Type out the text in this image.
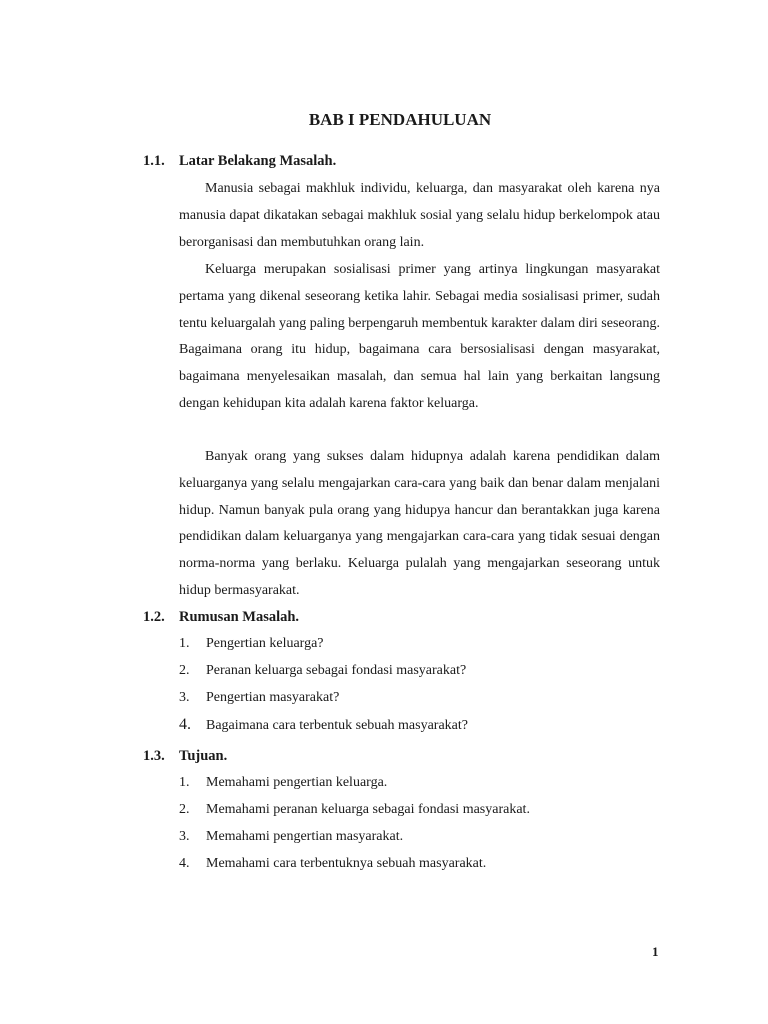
BAB I PENDAHULUAN
1.1. Latar Belakang Masalah.
Manusia sebagai makhluk individu, keluarga, dan masyarakat oleh karena nya manusia dapat dikatakan sebagai makhluk sosial yang selalu hidup berkelompok atau berorganisasi dan membutuhkan orang lain.
Keluarga merupakan sosialisasi primer yang artinya lingkungan masyarakat pertama yang dikenal seseorang ketika lahir. Sebagai media sosialisasi primer, sudah tentu keluargalah yang paling berpengaruh membentuk karakter dalam diri seseorang. Bagaimana orang itu hidup, bagaimana cara bersosialisasi dengan masyarakat, bagaimana menyelesaikan masalah, dan semua hal lain yang berkaitan langsung dengan kehidupan kita adalah karena faktor keluarga.
Banyak orang yang sukses dalam hidupnya adalah karena pendidikan dalam keluarganya yang selalu mengajarkan cara-cara yang baik dan benar dalam menjalani hidup. Namun banyak pula orang yang hidupya hancur dan berantakkan juga karena pendidikan dalam keluarganya yang mengajarkan cara-cara yang tidak sesuai dengan norma-norma yang berlaku. Keluarga pulalah yang mengajarkan seseorang untuk hidup bermasyarakat.
1.2. Rumusan Masalah.
1. Pengertian keluarga?
2. Peranan keluarga sebagai fondasi masyarakat?
3. Pengertian masyarakat?
4. Bagaimana cara terbentuk sebuah masyarakat?
1.3. Tujuan.
1. Memahami pengertian keluarga.
2. Memahami peranan keluarga sebagai fondasi masyarakat.
3. Memahami pengertian masyarakat.
4. Memahami cara terbentuknya sebuah masyarakat.
1
